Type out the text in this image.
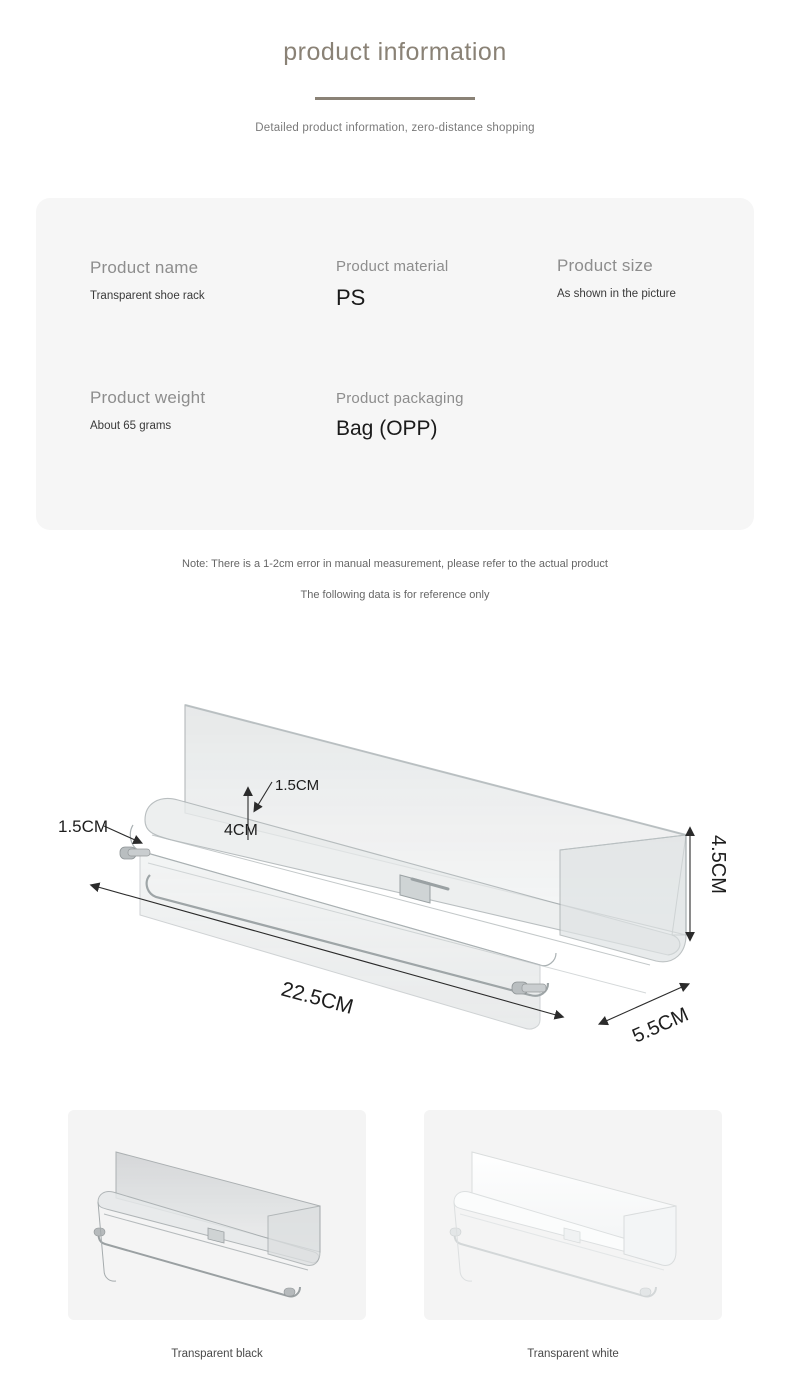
product information
Detailed product information, zero-distance shopping
Product name
Transparent shoe rack
Product material
PS
Product size
As shown in the picture
Product weight
About 65 grams
Product packaging
Bag (OPP)
Note: There is a 1-2cm error in manual measurement, please refer to the actual product
The following data is for reference only
1.5CM
1.5CM
4CM
22.5CM
4.5CM
5.5CM
Transparent black	Transparent white
